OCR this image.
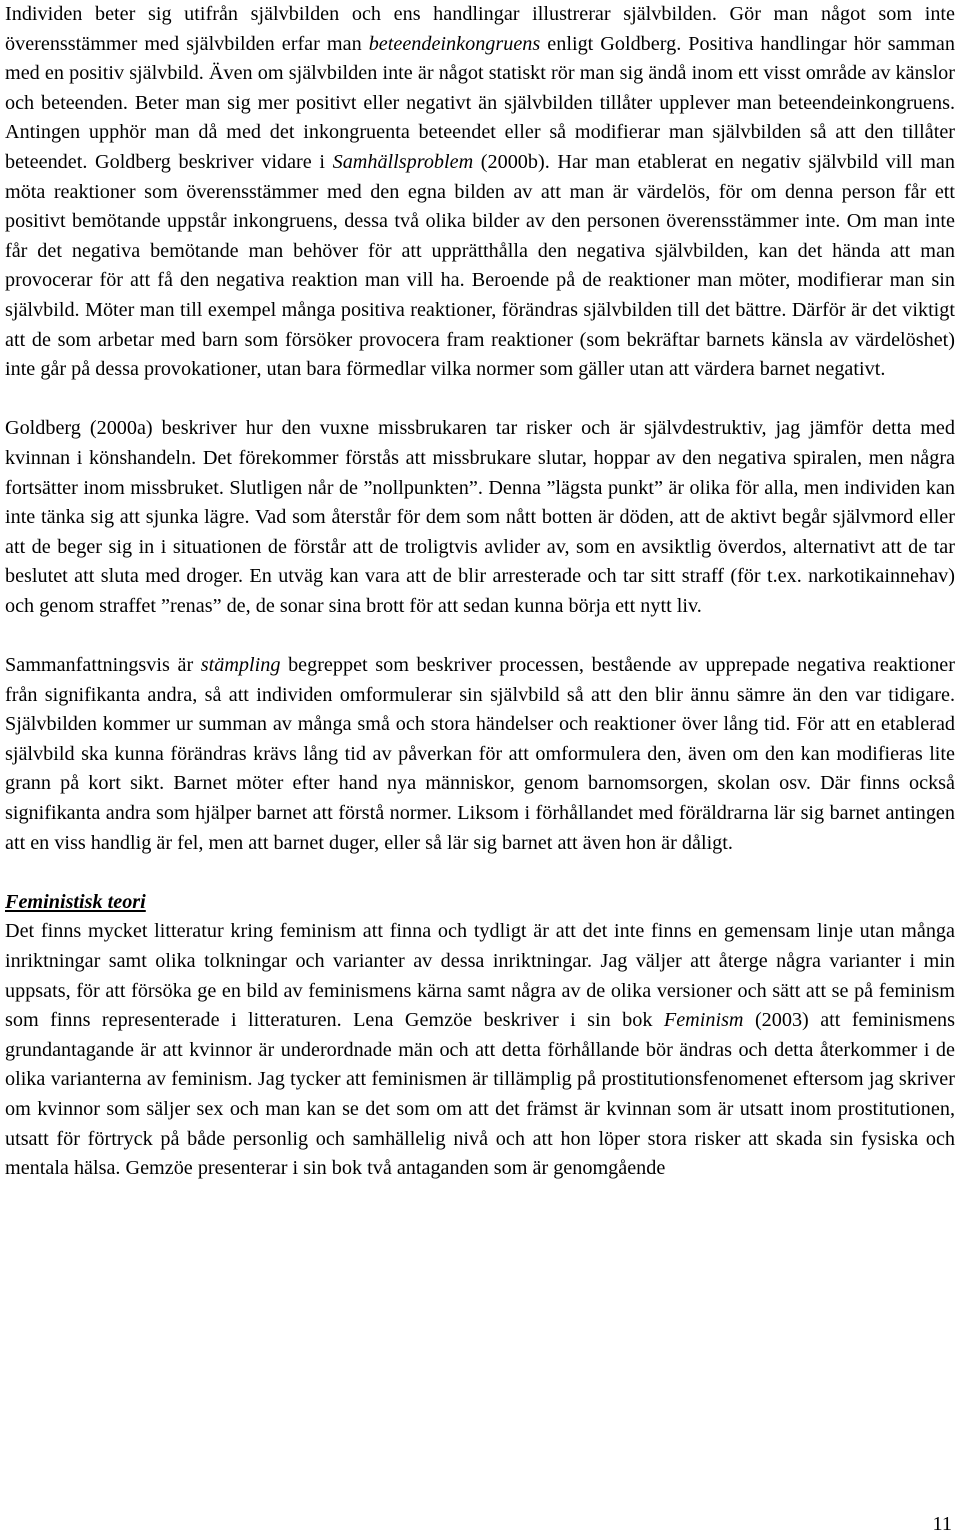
Individen beter sig utifrån självbilden och ens handlingar illustrerar självbilden. Gör man något som inte överensstämmer med självbilden erfar man beteendeinkongruens enligt Goldberg. Positiva handlingar hör samman med en positiv självbild. Även om självbilden inte är något statiskt rör man sig ändå inom ett visst område av känslor och beteenden. Beter man sig mer positivt eller negativt än självbilden tillåter upplever man beteendeinkongruens. Antingen upphör man då med det inkongruenta beteendet eller så modifierar man självbilden så att den tillåter beteendet. Goldberg beskriver vidare i Samhällsproblem (2000b). Har man etablerat en negativ självbild vill man möta reaktioner som överensstämmer med den egna bilden av att man är värdelös, för om denna person får ett positivt bemötande uppstår inkongruens, dessa två olika bilder av den personen överensstämmer inte. Om man inte får det negativa bemötande man behöver för att upprätthålla den negativa självbilden, kan det hända att man provocerar för att få den negativa reaktion man vill ha. Beroende på de reaktioner man möter, modifierar man sin självbild. Möter man till exempel många positiva reaktioner, förändras självbilden till det bättre. Därför är det viktigt att de som arbetar med barn som försöker provocera fram reaktioner (som bekräftar barnets känsla av värdelöshet) inte går på dessa provokationer, utan bara förmedlar vilka normer som gäller utan att värdera barnet negativt.

Goldberg (2000a) beskriver hur den vuxne missbrukaren tar risker och är självdestruktiv, jag jämför detta med kvinnan i könshandeln. Det förekommer förstås att missbrukare slutar, hoppar av den negativa spiralen, men några fortsätter inom missbruket. Slutligen når de ”nollpunkten”. Denna ”lägsta punkt” är olika för alla, men individen kan inte tänka sig att sjunka lägre. Vad som återstår för dem som nått botten är döden, att de aktivt begår självmord eller att de beger sig in i situationen de förstår att de troligtvis avlider av, som en avsiktlig överdos, alternativt att de tar beslutet att sluta med droger. En utväg kan vara att de blir arresterade och tar sitt straff (för t.ex. narkotikainnehav) och genom straffet ”renas” de, de sonar sina brott för att sedan kunna börja ett nytt liv.

Sammanfattningsvis är stämpling begreppet som beskriver processen, bestående av upprepade negativa reaktioner från signifikanta andra, så att individen omformulerar sin självbild så att den blir ännu sämre än den var tidigare. Självbilden kommer ur summan av många små och stora händelser och reaktioner över lång tid. För att en etablerad självbild ska kunna förändras krävs lång tid av påverkan för att omformulera den, även om den kan modifieras lite grann på kort sikt. Barnet möter efter hand nya människor, genom barnomsorgen, skolan osv. Där finns också signifikanta andra som hjälper barnet att förstå normer. Liksom i förhållandet med föräldrarna lär sig barnet antingen att en viss handlig är fel, men att barnet duger, eller så lär sig barnet att även hon är dåligt.

Feministisk teori

Det finns mycket litteratur kring feminism att finna och tydligt är att det inte finns en gemensam linje utan många inriktningar samt olika tolkningar och varianter av dessa inriktningar. Jag väljer att återge några varianter i min uppsats, för att försöka ge en bild av feminismens kärna samt några av de olika versioner och sätt att se på feminism som finns representerade i litteraturen. Lena Gemzöe beskriver i sin bok Feminism (2003) att feminismens grundantagande är att kvinnor är underordnade män och att detta förhållande bör ändras och detta återkommer i de olika varianterna av feminism. Jag tycker att feminismen är tillämplig på prostitutionsfenomenet eftersom jag skriver om kvinnor som säljer sex och man kan se det som om att det främst är kvinnan som är utsatt inom prostitutionen, utsatt för förtryck på både personlig och samhällelig nivå och att hon löper stora risker att skada sin fysiska och mentala hälsa. Gemzöe presenterar i sin bok två antaganden som är genomgående

11
